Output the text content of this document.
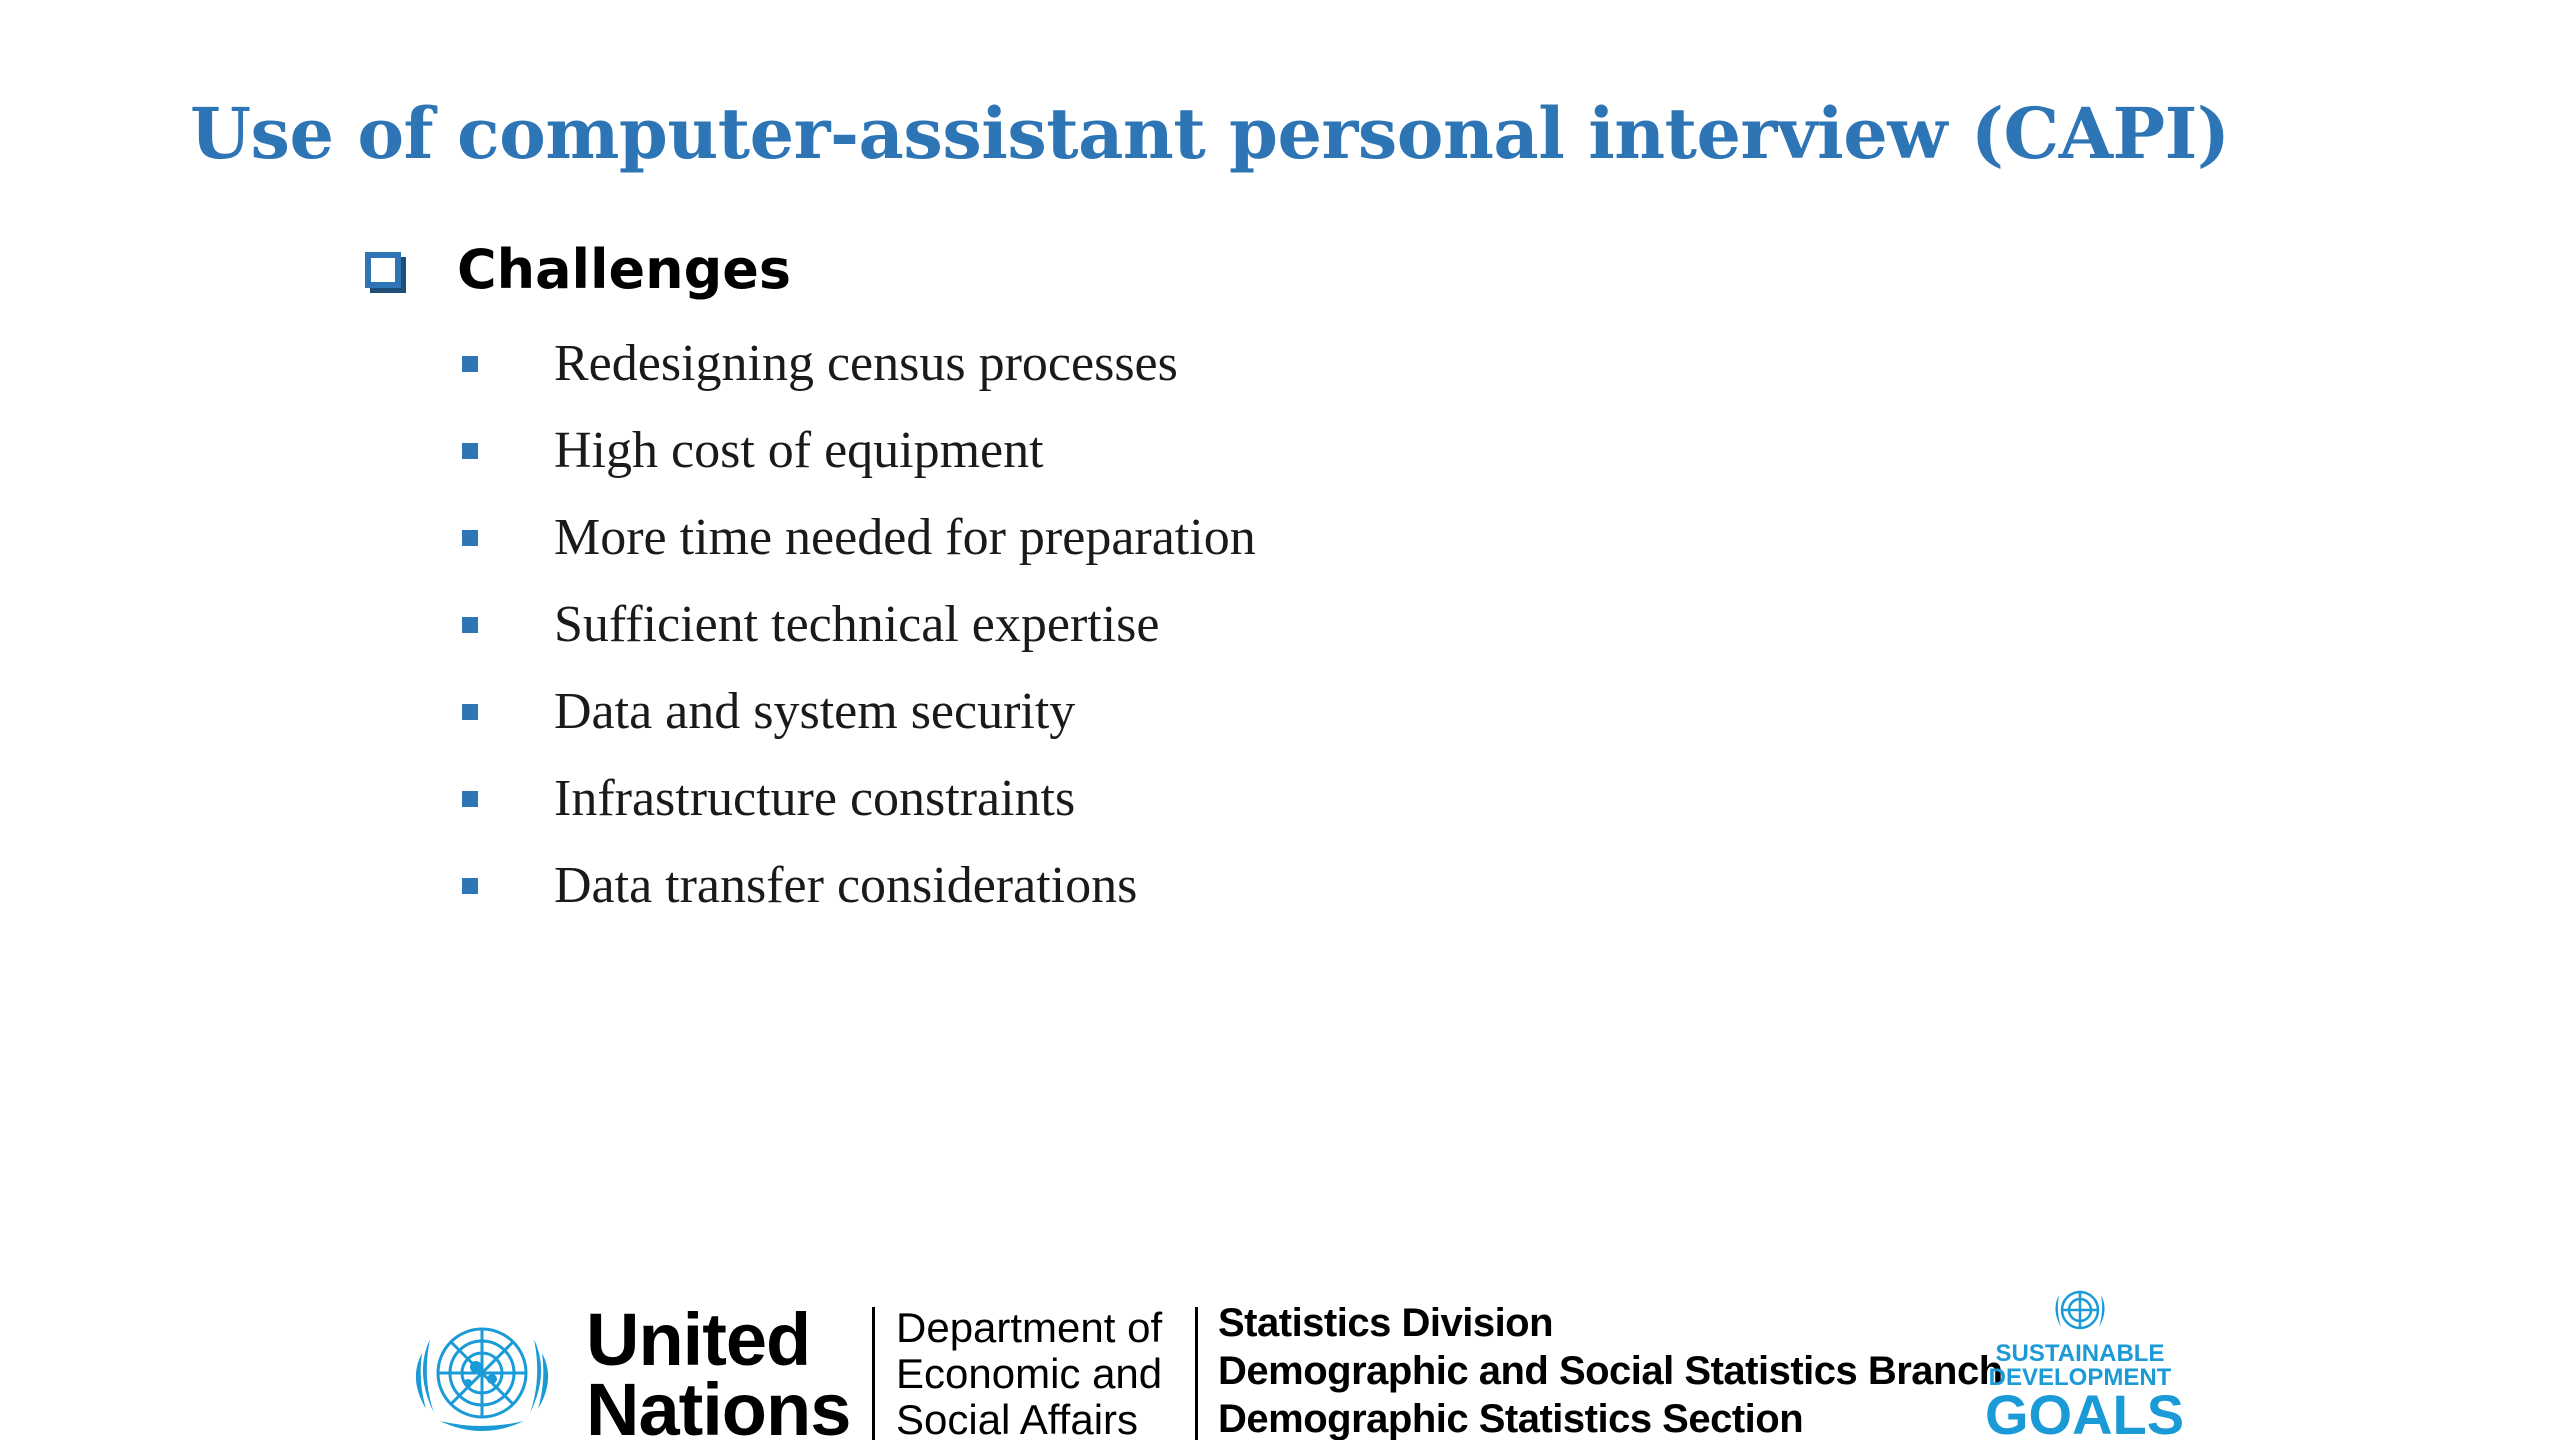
Use of computer-assistant personal interview (CAPI)
Challenges
Redesigning census processes
High cost of equipment
More time needed for preparation
Sufficient technical expertise
Data and system security
Infrastructure constraints
Data transfer considerations
United
Nations
Department of
Economic and
Social Affairs
Statistics Division
Demographic and Social Statistics Branch
Demographic Statistics Section
SUSTAINABLE
DEVELOPMENT
GOALS
